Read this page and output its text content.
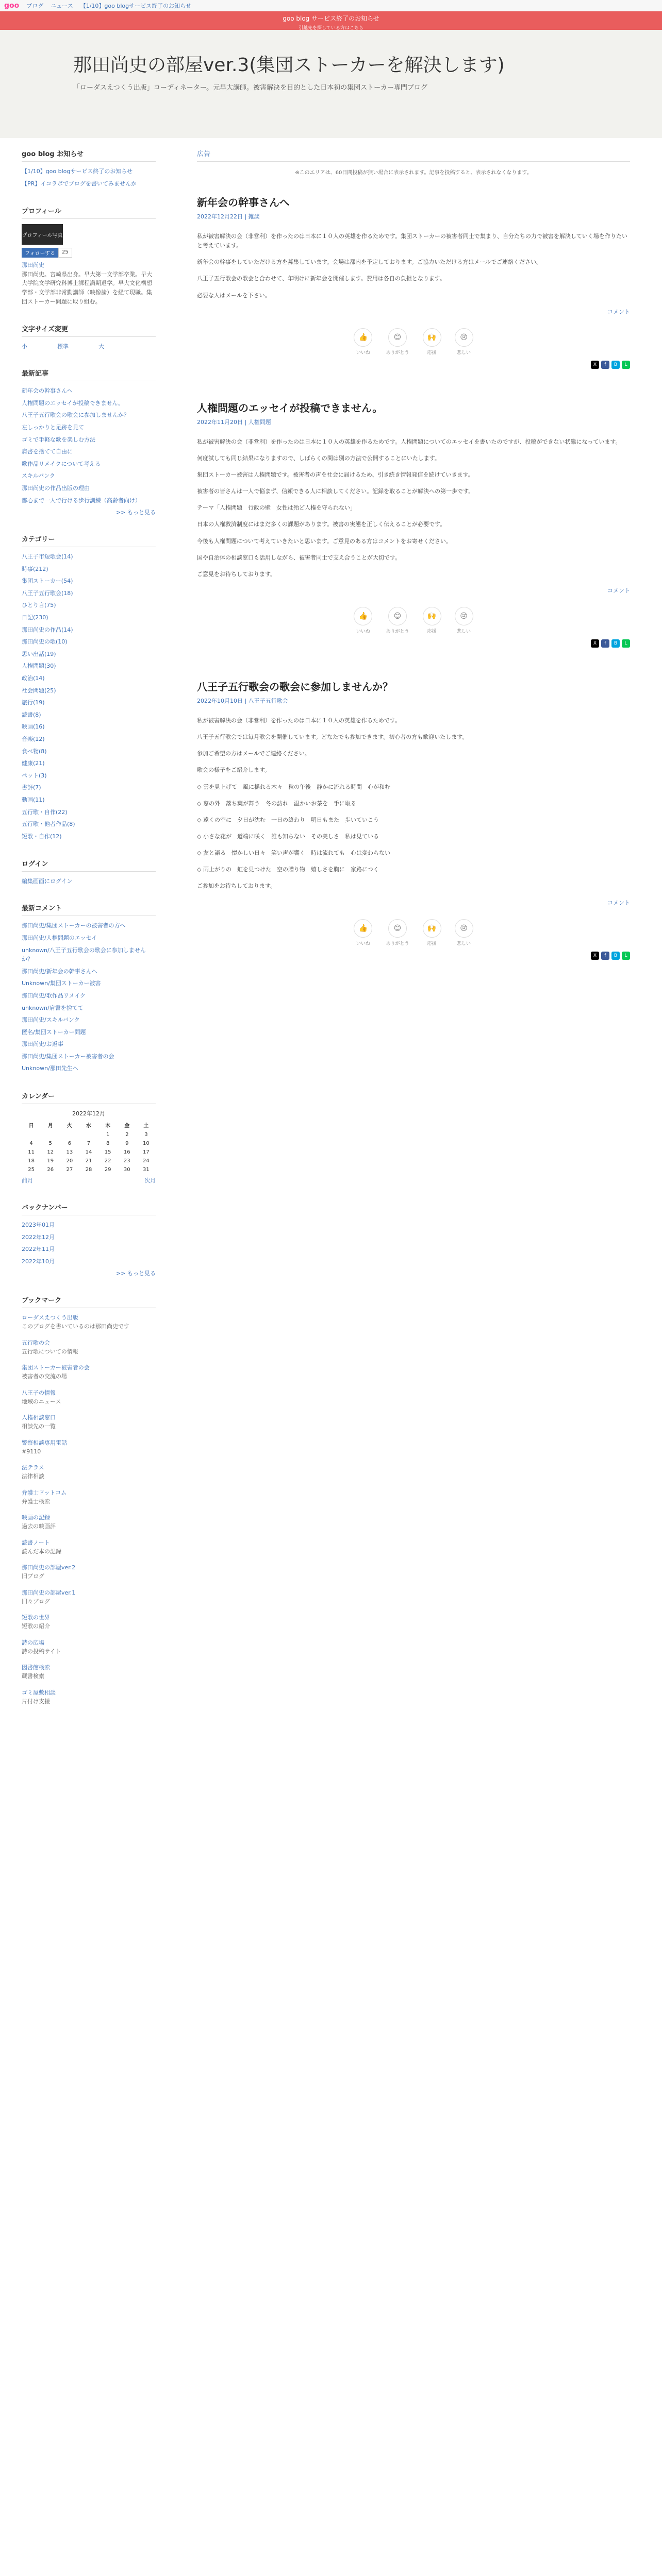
goo ブログ ニュース 【1/10】goo blogサービス終了のお知らせ
goo blog サービス終了のお知らせ
引越先を探している方はこちら
那田尚史の部屋ver.3(集団ストーカーを解決します)
「ローダスえつくう出版」コーディネーター。元早大講師。被害解決を目的とした日本初の集団ストーカー専門ブログ
goo blog お知らせ
【1/10】goo blogサービス終了のお知らせ
【PR】イコラボでブログを書いてみませんか
プロフィール
プロフィール写真
フォローする	25

那田尚史

那田尚史。宮崎県出身。早大第一文学部卒業。早大大学院文学研究科博士課程満期退学。早大文化構想学部・文学部非常勤講師（映像論）を経て現職。集団ストーカー問題に取り組む。

文字サイズ変更
小	標準	大
最新記事
新年会の幹事さんへ
人権問題のエッセイが投稿できません。
八王子五行歌会の歌会に参加しませんか？
左しっかりと足跡を見て
ゴミで手軽な歌を楽しむ方法
肩書を捨てて自由に
歌作品リメイクについて考える
スキルバンク
那田尚史の作品出版の理由
都心まで一人で行ける歩行訓練（高齢者向け）
>> もっと見る
カテゴリー
八王子市短歌会(14)
時事(212)
集団ストーカー(54)
八王子五行歌会(18)
ひとり言(75)
日記(230)
那田尚史の作品(14)
那田尚史の歌(10)
思い出話(19)
人権問題(30)
政治(14)
社会問題(25)
旅行(19)
読書(8)
映画(16)
音楽(12)
食べ物(8)
健康(21)
ペット(3)
書評(7)
動画(11)
五行歌・自作(22)
五行歌・他者作品(8)
短歌・自作(12)
ログイン
編集画面にログイン
最新コメント
那田尚史/集団ストーカーの被害者の方へ
那田尚史/人権問題のエッセイ
unknown/八王子五行歌会の歌会に参加しませんか？
那田尚史/新年会の幹事さんへ
Unknown/集団ストーカー被害
那田尚史/歌作品リメイク
unknown/肩書を捨てて
那田尚史/スキルバンク
匿名/集団ストーカー問題
那田尚史/お返事
那田尚史/集団ストーカー被害者の会
Unknown/那田先生へ
カレンダー
2022年12月
日	月	火	水	木	金	土
				1	2	3
4	5	6	7	8	9	10
11	12	13	14	15	16	17
18	19	20	21	22	23	24
25	26	27	28	29	30	31
前月	次月
バックナンバー
2023年01月
2022年12月
2022年11月
2022年10月
>> もっと見る
ブックマーク
ローダスえつくう出版
このブログを書いているのは那田尚史です
五行歌の会
五行歌についての情報
集団ストーカー被害者の会
被害者の交流の場
八王子の情報
地域のニュース
人権相談窓口
相談先の一覧
警察相談専用電話
#9110
法テラス
法律相談
弁護士ドットコム
弁護士検索
映画の記録
過去の映画評
読書ノート
読んだ本の記録
那田尚史の部屋ver.2
旧ブログ
那田尚史の部屋ver.1
旧々ブログ
短歌の世界
短歌の紹介
詩の広場
詩の投稿サイト
図書館検索
蔵書検索
ゴミ屋敷相談
片付け支援
広告
※このエリアは、60日間投稿が無い場合に表示されます。記事を投稿すると、表示されなくなります。
新年会の幹事さんへ
2022年12月22日 | 雑談

私が被害解決の会（非営利）を作ったのは日本に１０人の英雄を作るためです。集団ストーカーの被害者同士で集まり、自分たちの力で被害を解決していく場を作りたいと考えています。

新年会の幹事をしていただける方を募集しています。会場は都内を予定しております。ご協力いただける方はメールでご連絡ください。

八王子五行歌会の歌会と合わせて、年明けに新年会を開催します。費用は各自の負担となります。

必要な人はメールを下さい。

コメント
👍
いいね
😊
ありがとう
🙌
応援
😢
悲しい
X	f	B	L
人権問題のエッセイが投稿できません。
2022年11月20日 | 人権問題

私が被害解決の会（非営利）を作ったのは日本に１０人の英雄を作るためです。人権問題についてのエッセイを書いたのですが、投稿ができない状態になっています。

何度試しても同じ結果になりますので、しばらくの間は別の方法で公開することにいたします。

集団ストーカー被害は人権問題です。被害者の声を社会に届けるため、引き続き情報発信を続けていきます。

被害者の皆さんは一人で悩まず、信頼できる人に相談してください。記録を取ることが解決への第一歩です。

テーマ「人権問題　行政の壁　女性は殆ど人権を守られない」

日本の人権救済制度にはまだ多くの課題があります。被害の実態を正しく伝えることが必要です。

今後も人権問題について考えていきたいと思います。ご意見のある方はコメントをお寄せください。

国や自治体の相談窓口も活用しながら、被害者同士で支え合うことが大切です。

ご意見をお待ちしております。

コメント
👍
いいね
😊
ありがとう
🙌
応援
😢
悲しい
X	f	B	L
八王子五行歌会の歌会に参加しませんか？
2022年10月10日 | 八王子五行歌会

私が被害解決の会（非営利）を作ったのは日本に１０人の英雄を作るためです。

八王子五行歌会では毎月歌会を開催しています。どなたでも参加できます。初心者の方も歓迎いたします。

参加ご希望の方はメールでご連絡ください。

歌会の様子をご紹介します。

◇ 雲を見上げて　風に揺れる木々　秋の午後　静かに流れる時間　心が和む

◇ 窓の外　落ち葉が舞う　冬の訪れ　温かいお茶を　手に取る

◇ 遠くの空に　夕日が沈む　一日の終わり　明日もまた　歩いていこう

◇ 小さな花が　道端に咲く　誰も知らない　その美しさ　私は見ている

◇ 友と語る　懐かしい日々　笑い声が響く　時は流れても　心は変わらない

◇ 雨上がりの　虹を見つけた　空の贈り物　嬉しさを胸に　家路につく

ご参加をお待ちしております。

コメント
👍
いいね
😊
ありがとう
🙌
応援
😢
悲しい
X	f	B	L
